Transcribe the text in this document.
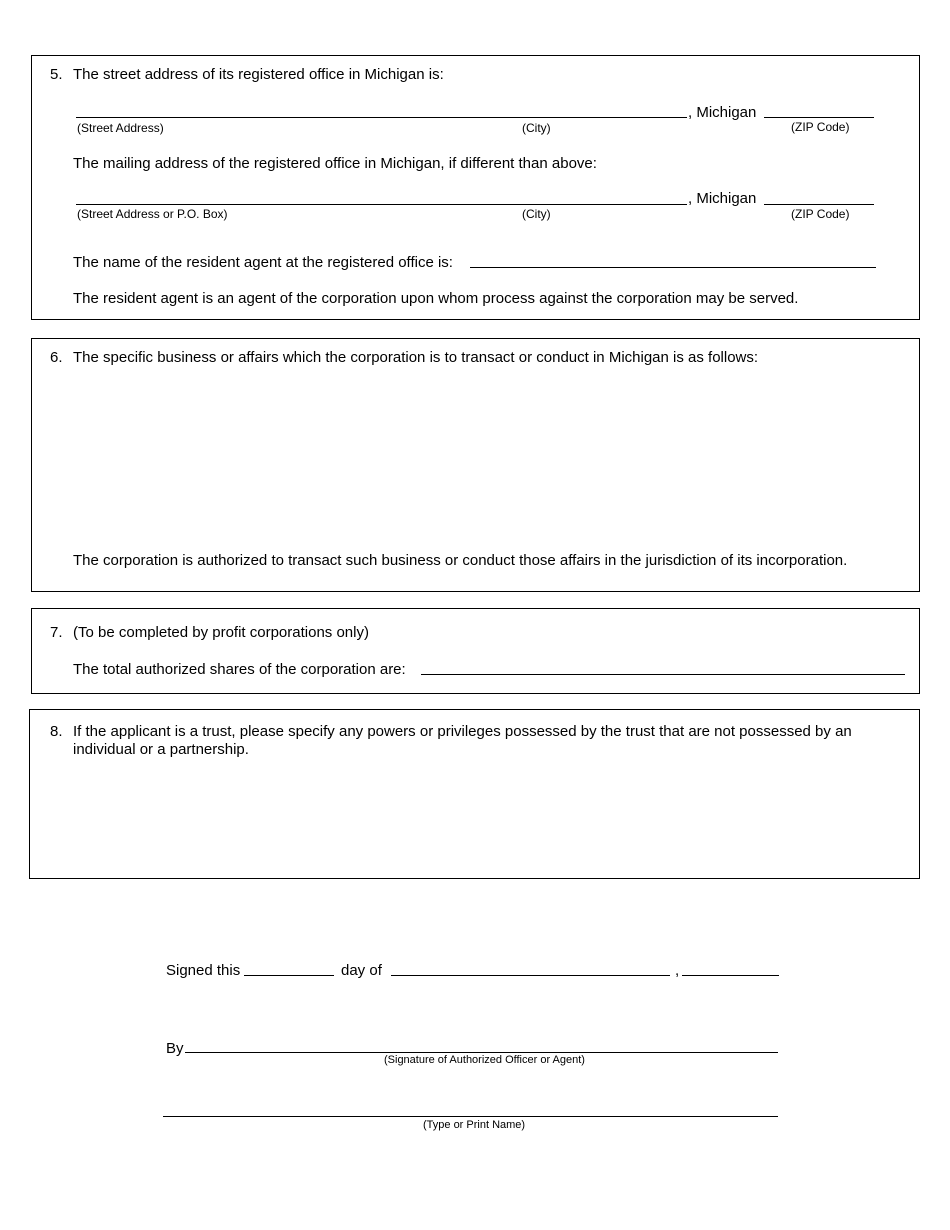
5. The street address of its registered office in Michigan is:
, Michigan
(Street Address)	(City)	(ZIP Code)
The mailing address of the registered office in Michigan, if different than above:
, Michigan
(Street Address or P.O. Box)	(City)	(ZIP Code)
The name of the resident agent at the registered office is:
The resident agent is an agent of the corporation upon whom process against the corporation may be served.
6. The specific business or affairs which the corporation is to transact or conduct in Michigan is as follows:
The corporation is authorized to transact such business or conduct those affairs in the jurisdiction of its incorporation.
7. (To be completed by profit corporations only)
The total authorized shares of the corporation are:
8. If the applicant is a trust, please specify any powers or privileges possessed by the trust that are not possessed by an
individual or a partnership.
Signed this	day of	,
By
(Signature of Authorized Officer or Agent)
(Type or Print Name)
